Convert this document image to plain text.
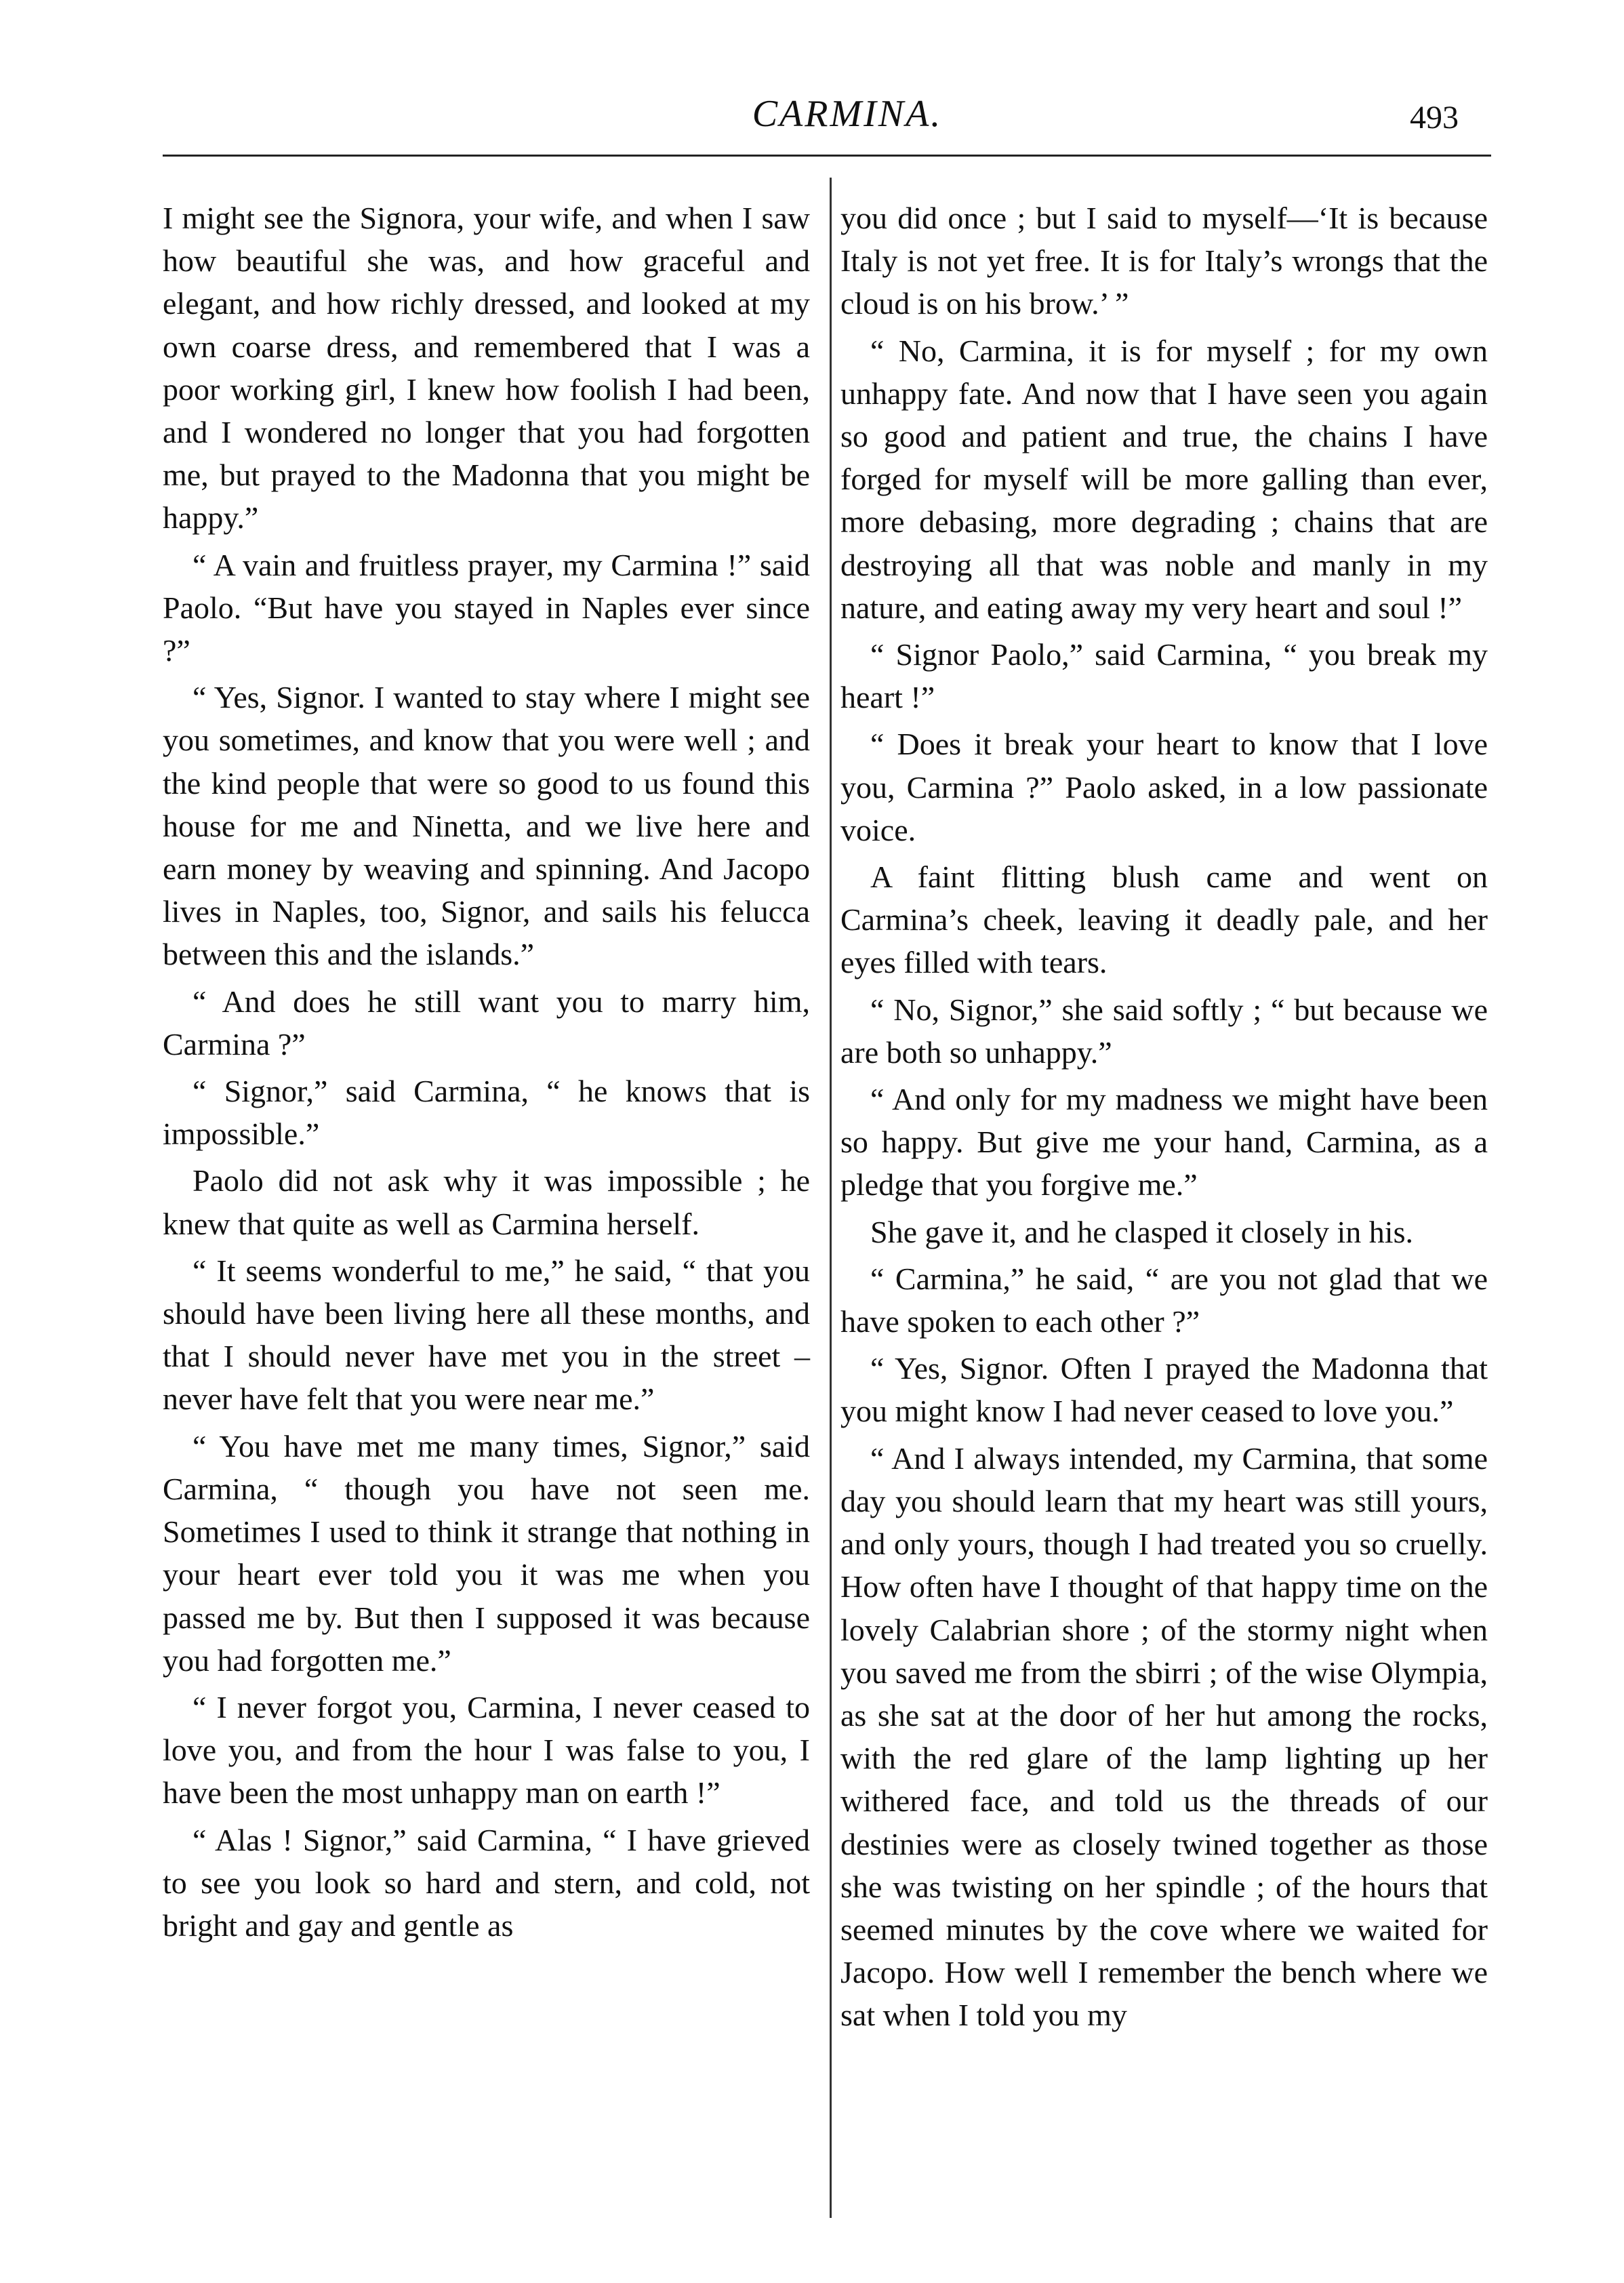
CARMINA.	493

I might see the Signora, your wife, and when I saw how beautiful she was, and how graceful and elegant, and how richly dressed, and looked at my own coarse dress, and remembered that I was a poor working girl, I knew how foolish I had been, and I wondered no longer that you had forgotten me, but prayed to the Madonna that you might be happy.”

“ A vain and fruitless prayer, my Carmina !” said Paolo. “But have you stayed in Naples ever since ?”

“ Yes, Signor. I wanted to stay where I might see you sometimes, and know that you were well ; and the kind people that were so good to us found this house for me and Ninetta, and we live here and earn money by weaving and spinning. And Jacopo lives in Naples, too, Signor, and sails his felucca between this and the islands.”

“ And does he still want you to marry him, Carmina ?”

“ Signor,” said Carmina, “ he knows that is impossible.”

Paolo did not ask why it was impossible ; he knew that quite as well as Carmina herself.

“ It seems wonderful to me,” he said, “ that you should have been living here all these months, and that I should never have met you in the street – never have felt that you were near me.”

“ You have met me many times, Signor,” said Carmina, “ though you have not seen me. Sometimes I used to think it strange that nothing in your heart ever told you it was me when you passed me by. But then I supposed it was because you had forgotten me.”

“ I never forgot you, Carmina, I never ceased to love you, and from the hour I was false to you, I have been the most unhappy man on earth !”

“ Alas ! Signor,” said Carmina, “ I have grieved to see you look so hard and stern, and cold, not bright and gay and gentle as

you did once ; but I said to myself—‘It is because Italy is not yet free. It is for Italy’s wrongs that the cloud is on his brow.’ ”

“ No, Carmina, it is for myself ; for my own unhappy fate. And now that I have seen you again so good and patient and true, the chains I have forged for myself will be more galling than ever, more debasing, more degrading ; chains that are destroying all that was noble and manly in my nature, and eating away my very heart and soul !”

“ Signor Paolo,” said Carmina, “ you break my heart !”

“ Does it break your heart to know that I love you, Carmina ?” Paolo asked, in a low passionate voice.

A faint flitting blush came and went on Carmina’s cheek, leaving it deadly pale, and her eyes filled with tears.

“ No, Signor,” she said softly ; “ but because we are both so unhappy.”

“ And only for my madness we might have been so happy. But give me your hand, Carmina, as a pledge that you forgive me.”

She gave it, and he clasped it closely in his.

“ Carmina,” he said, “ are you not glad that we have spoken to each other ?”

“ Yes, Signor. Often I prayed the Madonna that you might know I had never ceased to love you.”

“ And I always intended, my Carmina, that some day you should learn that my heart was still yours, and only yours, though I had treated you so cruelly. How often have I thought of that happy time on the lovely Calabrian shore ; of the stormy night when you saved me from the sbirri ; of the wise Olympia, as she sat at the door of her hut among the rocks, with the red glare of the lamp lighting up her withered face, and told us the threads of our destinies were as closely twined together as those she was twisting on her spindle ; of the hours that seemed minutes by the cove where we waited for Jacopo. How well I remember the bench where we sat when I told you my
